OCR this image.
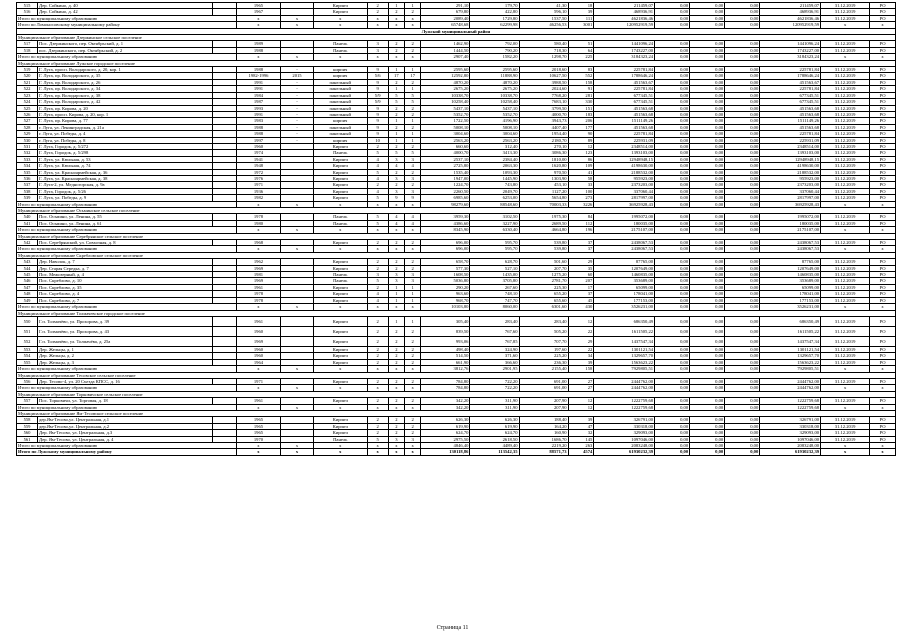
515	Дер. Сойкино, д. 40		1965		Кирпич	2	1	1	291,10	179,70	41,30	18	211459,07	0,00	0,00	0,00	211459,07	31.12.2019	РО
516	Дер. Сойкино, д. 42		1967		Кирпич	2	2	2	679,80	422,80	596,10	39	468936,91	0,00	0,00	0,00	468936,91	31.12.2019	РО
Итого по муниципальному образованию			x	x	x	x	x	x	2089,40	1729,80	1537,50	111	4621836,46	0,00	0,00	0,00	4621836,46	31.12.2019	РО
Итого по Ломоносовскому муниципальному району			x	x	x	x	x	x	65748,68	62299,98	46256,53	3001	120952919,59	0,00	0,00	0,00	120952919,59	x	x
Лужский муниципальный район																			
Муниципальное образование Дзержинское сельское поселение																			
517	Пос. Дзержинского, пер. Октябрьский, д. 1		1989		Панель	3	2	2	1462,90	792,00	580,40	51	1441096,24	0,00	0,00	0,00	1441096,24	31.12.2019	РО
518	пос. Дзержинского, пер. Октябрьский, д. 2		1988		Панель	3	2	2	1444,50	790,20	718,30	64	1743227,00	0,00	0,00	0,00	1743227,00	31.12.2019	РО
Итого по муниципальному образованию			x	x	x	x	x	x	2907,40	1582,20	1298,70	225	3184323,24	0,00	0,00	0,00	3184323,24	x	x
Муниципальное образование Лужское городское поселение																			
519	Г. Луга, просп. Володарского, д. 20, кор. 1		1988	-	кирпич	9	1	1	2595,60	2595,60	2018,60	83	225781,84	0,00	0,00	0,00	225781,84	31.12.2019	РО
520	Г. Луга, пр. Володарского, д. 35		1982-1996	2015	кирпич	5/6	17	17	12592,80	11888,90	10627,50	552	1788646,24	0,00	0,00	0,00	1788646,24	31.12.2019	РО
521	Г. Луга, пр. Володарского, д. 26		1991	-	панельный	9	2	2	4870,20	4870,20	3988,50	158	451563,67	0,00	0,00	0,00	451563,67	31.12.2019	РО
522	Г. Луга, пр. Володарского, д. 34		1991	-	панельный	9	1	1	2675,20	2675,20	2024,60	91	225781,84	0,00	0,00	0,00	225781,84	31.12.2019	РО
523	Г. Луга, пр. Володарского, д. 38		1984	-	панельный	5/9	5	5	10338,70	10338,70	7768,20	281	677345,51	0,00	0,00	0,00	677345,51	31.12.2019	РО
524	Г. Луга, пр. Володарского, д. 42		1987	-	панельный	5/9	5	5	10258,40	10258,40	7683,10	330	677345,51	0,00	0,00	0,00	677345,51	31.12.2019	РО
525	Г. Луга, пр. Кирова, д. 20		1993	-	панельный	9	2	2	5437,10	5437,10	3799,50	151	451563,68	0,00	0,00	0,00	451563,68	31.12.2019	РО
526	Г. Луга, просп. Кирова, д. 20, кор. 1		1991	-	панельный	9	2	2	5352,70	5352,70	4000,70	183	451563,68	0,00	0,00	0,00	451563,68	31.12.2019	РО
527	Г. Луга, пр. Кирова, д. 77		1983	-	кирпич	9	1	1	1722,50	4196,90	3943,73	206	1511149,26	0,00	0,00	0,00	1511149,26	31.12.2019	РО
528	г. Луга, ул. Ленинградская, д. 21а		1988	-	панельный	9	2	2	5008,10	5008,10	4407,40	177	451563,68	0,00	0,00	0,00	451563,68	31.12.2019	РО
529	г. Луга, ул. Победы, д. 4		1988	-	панельный	9	1	1	3004,60	3004,60	1954,40	90	225781,84	0,00	0,00	0,00	225781,84	31.12.2019	РО
530	г. Луга, ул. Победы, д. 8		1997	-	кирпич	10	1	1	2563,20	2563,20	2180,70	89	225931,09	0,00	0,00	0,00	225931,09	31.12.2019	РО
531	Г. Луга, Городок, д. 5/272		1960		Кирпич	2	2	2	660,60	312,40	270,10	12	2348514,00	0,00	0,00	0,00	2348514,00	31.12.2019	РО
532	Г. Луга, Городок, д. 5/298		1974		Панель	5	5	5	4000,70	3413,30	3086,30	123	1393103,00	0,00	0,00	0,00	1393103,00	31.12.2019	РО
533	Г. Луга, ул. Кюльная, д. 53		1941		Кирпич	4	3	3	2537,10	2384,40	1810,00	86	12948948,15	0,00	0,00	0,00	12948948,15	31.12.2019	РО
534	Г. Луга, ул. Кюльная, д. 74		1948		Кирпич	4	4	4	2725,80	2063,30	1620,80	109	4198630,00	0,00	0,00	0,00	4198630,00	31.12.2019	РО
535	Г. Луга, ул. Красноармейская, д. 36		1972		Кирпич	5	2	2	1535,40	1093,30	970,50	41	2188532,00	0,00	0,00	0,00	2188532,00	31.12.2019	РО
536	Г. Луга, ул. Красноармейская, д. 38		1976		Кирпич	4	3	3	1947,00	1445,90	1303,90	58	955923,00	0,00	0,00	0,00	955923,00	31.12.2019	РО
537	Г. Луга-2, ул. Медногорская, д. 9а		1971		Кирпич	2	2	2	1224,70	743,80	453,10	33	2373203,00	0,00	0,00	0,00	2373203,00	31.12.2019	РО
538	Г. Луга, Городок, д. 5/26		1936		Кирпич	4	3	3	2260,50	2049,70	1127,20	100	337060,44	0,00	0,00	0,00	337060,44	31.12.2019	РО
539	Г. Луга, ул. Победы, д. 9		1982		Кирпич	5	9	9	6985,60	6253,00	5654,80	273	2817997,00	0,00	0,00	0,00	2817997,00	31.12.2019	РО
Итого по муниципальному образованию			x	x	x	x	x	x	98279,60	88548,60	70003,33	3226	36925928,43	0,00	0,00	0,00	36925928,43	x	x
Муниципальное образование Осьминское сельское поселение																			
540	Пос. Осьмино, ул. Ленина, д. 55		1978		Панель	5	4	4	3959,30	3102,50	1975,30	84	1995072,00	0,00	0,00	0,00	1995072,00	31.12.2019	РО
541	Пос. Осьмино, ул. Ленина, д. 61		1980		Панель	5	4	4	4386,60	3227,90	2689,50	112	180035,00	0,00	0,00	0,00	180035,00	31.12.2019	РО
Итого по муниципальному образованию			x	x	x	x	x	x	8345,90	6330,40	4664,80	196	2175107,00	0,00	0,00	0,00	2175107,00	x	x
Муниципальное образование Серебрянское сельское поселение																			
542	Пос. Серебрянский, ул. Совхозная, д. 8		1968		Кирпич	2	2	2	696,00	595,70	539,80	37	2438067,53	0,00	0,00	0,00	2438067,53	31.12.2019	РО
Итого по муниципальному образованию			x	x	x	x	x	x	696,00	595,70	539,80	37	2438067,53	0,00	0,00	0,00	2438067,53	x	x
Муниципальное образование Скребловское сельское поселение																			
543	Дер. Наволок, д. 7		1962		Кирпич	2	2	2	658,70	628,70	501,60	29	87765,00	0,00	0,00	0,00	87765,00	31.12.2019	РО
544	Дер. Старая Середка, д. 7		1969		Кирпич	2	2	2	577,30	527,10	207,70	35	1207649,00	0,00	0,00	0,00	1207649,00	31.12.2019	РО
545	Пос. Межозерный, д. 4		1981		Панель	3	3	3	1608,50	1435,00	1275,20	60	1460835,00	0,00	0,00	0,00	1460835,00	31.12.2019	РО
546	Пос. Скреблово, д. 10		1969		Панель	5	3	3	5036,80	3705,80	2781,70	207	353689,00	0,00	0,00	0,00	353689,00	31.12.2019	РО
547	Пос. Скреблово, д. 35		1961		Кирпич	2	1	1	290,20	267,60	225,30	17	65099,00	0,00	0,00	0,00	65099,00	31.12.2019	РО
548	Пос. Скреблово, д. 4		1978		Кирпич	4	1	1	963,60	748,10	655,20	37	178041,00	0,00	0,00	0,00	178041,00	31.12.2019	РО
549	Пос. Скреблово, д. 7		1978		Кирпич	4	1	1	968,70	747,70	655,60	45	177153,00	0,00	0,00	0,00	177153,00	31.12.2019	РО
Итого по муниципальному образованию			x	x	x	x	x	x	10103,80	8060,00	6301,60	430	3526231,00	0,00	0,00	0,00	3526231,00	x	x
Муниципальное образование Толмачевское городское поселение																			
550	Г.п. Толмачёво, ул. Прохорова, д. 39		1961		Кирпич	2	1	1	305,40	283,40	283,40	12	686350,49	0,00	0,00	0,00	686350,49	31.12.2019	РО
551	Г.п. Толмачёво, ул. Прохорова, д. 43		1960		Кирпич	2	2	2	839,50	767,60	505,20	22	1611505,22	0,00	0,00	0,00	1611505,22	31.12.2019	РО
552	Г.п. Толмачёво, ул. Толмачёва, д. 25а		1969		Кирпич	2	2	2	993,06	767,85	707,70	29	1437547,34	0,00	0,00	0,00	1437547,34	31.12.2019	РО
553	Дер. Жельцы, д. 1		1960		Кирпич	2	2	2	498,40	324,90	197,60	22	1301121,54	0,00	0,00	0,00	1301121,54	31.12.2019	РО
554	Дер. Жельцы, д. 2		1960		Кирпич	2	2	2	514,50	371,60	225,20	34	1329657,70	0,00	0,00	0,00	1329657,70	31.12.2019	РО
555	Дер. Жельцы, д. 3		1964		Кирпич	2	2	2	661,90	366,60	236,30	39	1563623,22	0,00	0,00	0,00	1563623,22	31.12.2019	РО
Итого по муниципальному образованию			x	x	x	x	x	x	3812,76	2901,95	2155,40	158	7929805,51	0,00	0,00	0,00	7929805,51	x	x
Муниципальное образование Тесовское сельское поселение																			
556	Дер. Тесово-4, ул. 20 Съезда КПСС, д. 16		1971		Кирпич	2	2	2	784,80	722,20	691,00	27	2444762,00	0,00	0,00	0,00	2444762,00	31.12.2019	РО
Итого по муниципальному образованию			x	x	x	x	x	x	784,80	722,20	691,00	27	2444762,00	0,00	0,00	0,00	2444762,00	x	x
Муниципальное образование Торковичское сельское поселение																			
557	Пос. Торковичи, ул. Торговая, д. 18		1961		Кирпич	2	2	2	342,20	311,90	207,90	12	1222759,68	0,00	0,00	0,00	1222759,68	31.12.2019	РО
Итого по муниципальному образованию			x	x	x	x	x	x	342,20	311,90	207,90	12	1222759,68	0,00	0,00	0,00	1222759,68	x	x
Муниципальное образование Ям-Тесовское сельское поселение																			
558	дер.Ям-Тесово,ул. Центральная, д.1		1965		Кирпич	2	2	2	626,30	626,30	188,40	39	326791,00	0,00	0,00	0,00	326791,00	31.12.2019	РО
559	дер.Ям-Тесово,ул. Центральная, д.2		1965		Кирпич	2	2	2	619,90	619,90	164,20	47	330318,00	0,00	0,00	0,00	330318,00	31.12.2019	РО
560	Дер. Ям-Тесово, ул. Центральная, д.3		1965		Кирпич	2	2	2	624,70	624,70	160,90	32	329093,00	0,00	0,00	0,00	329093,00	31.12.2019	РО
561	Дер. Ям-Тесово, ул. Центральная, д. 4		1970		Панель	5	3	3	2975,50	2618,50	1686,70	145	1097046,00	0,00	0,00	0,00	1097046,00	31.12.2019	РО
Итого по муниципальному образованию			x	x	x	x	x	x	4846,40	4489,40	2219,20	263	2083248,00	0,00	0,00	0,00	2083248,00	x	x
Итого по Лужскому муниципальному району			x	x	x	x	x	x	130118,86	113542,35	88571,73	4574	61930232,39	0,00	0,00	0,00	61930232,39	x	x
Страница 11
